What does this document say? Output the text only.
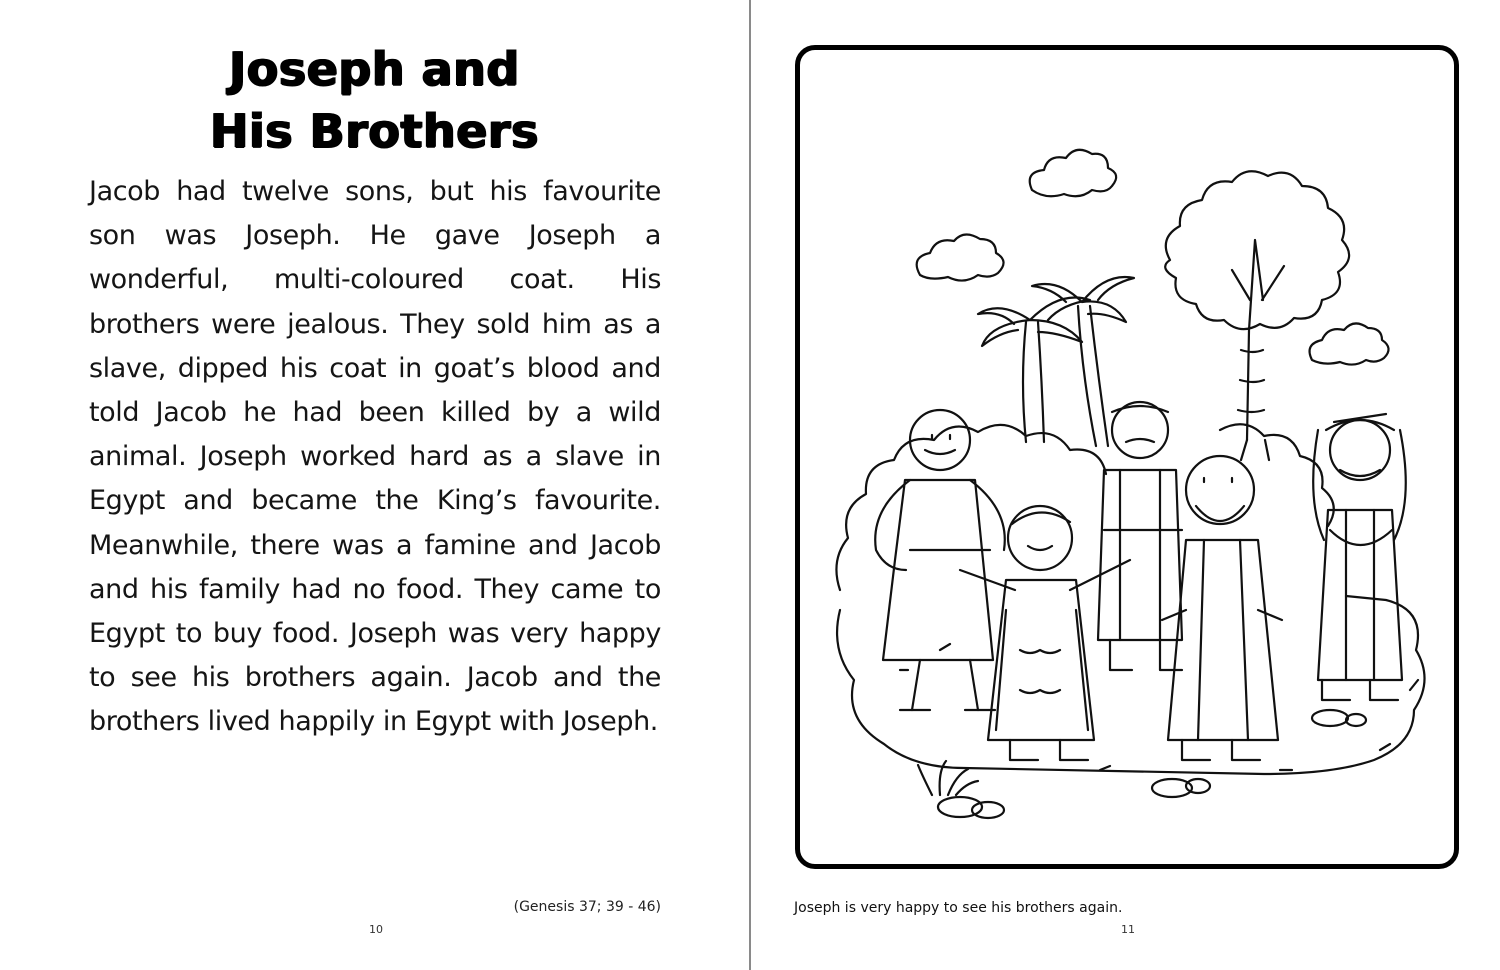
Joseph and
His Brothers

Jacob had twelve sons, but his favourite son was Joseph. He gave Joseph a wonderful, multi-coloured coat. His brothers were jealous. They sold him as a slave, dipped his coat in goat’s blood and told Jacob he had been killed by a wild animal. Joseph worked hard as a slave in Egypt and became the King’s favourite. Meanwhile, there was a famine and Jacob and his family had no food. They came to Egypt to buy food. Joseph was very happy to see his brothers again. Jacob and the brothers lived happily in Egypt with Joseph.

(Genesis 37; 39 - 46)
10
Joseph is very happy to see his brothers again.
11
